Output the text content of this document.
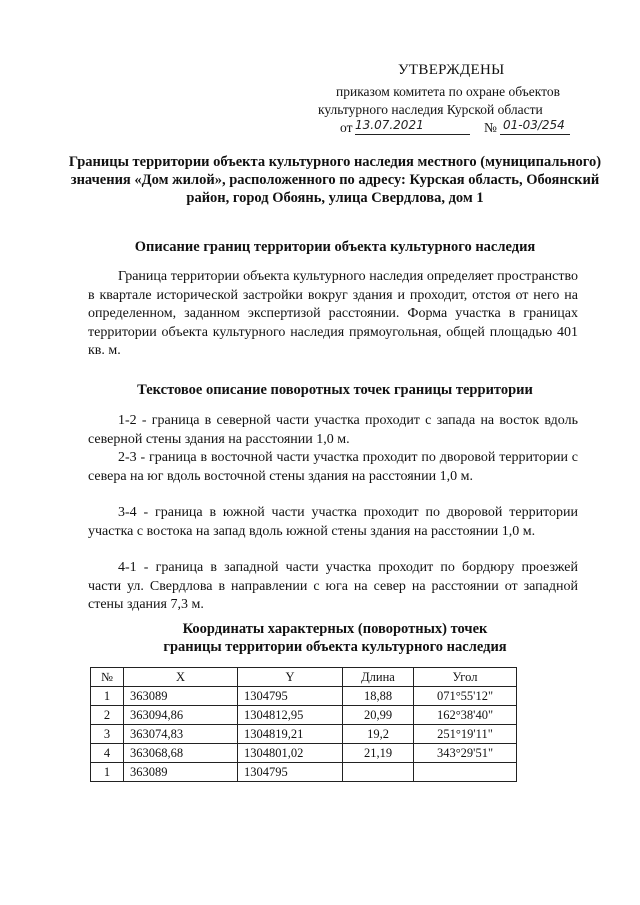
УТВЕРЖДЕНЫ
приказом комитета по охране объектов
культурного наследия Курской области
от 13.07.2021	№ 01-03/254
Границы территории объекта культурного наследия местного (муниципального) значения «Дом жилой», расположенного по адресу: Курская область, Обоянский район, город Обоянь, улица Свердлова, дом 1
Описание границ территории объекта культурного наследия
Граница территории объекта культурного наследия определяет пространство в квартале исторической застройки вокруг здания и проходит, отстоя от него на определенном, заданном экспертизой расстоянии. Форма участка в границах территории объекта культурного наследия прямоугольная, общей площадью 401 кв. м.
Текстовое описание поворотных точек границы территории
1-2 - граница в северной части участка проходит с запада на восток вдоль северной стены здания на расстоянии 1,0 м.
2-3 - граница в восточной части участка проходит по дворовой территории с севера на юг вдоль восточной стены здания на расстоянии 1,0 м.
3-4 - граница в южной части участка проходит по дворовой территории участка с востока на запад вдоль южной стены здания на расстоянии 1,0 м.
4-1 - граница в западной части участка проходит по бордюру проезжей части ул. Свердлова в направлении с юга на север на расстоянии от западной стены здания 7,3 м.
Координаты характерных (поворотных) точек
границы территории объекта культурного наследия
№	X	Y	Длина	Угол
1	363089	1304795	18,88	071°55'12"
2	363094,86	1304812,95	20,99	162°38'40"
3	363074,83	1304819,21	19,2	251°19'11"
4	363068,68	1304801,02	21,19	343°29'51"
1	363089	1304795		
